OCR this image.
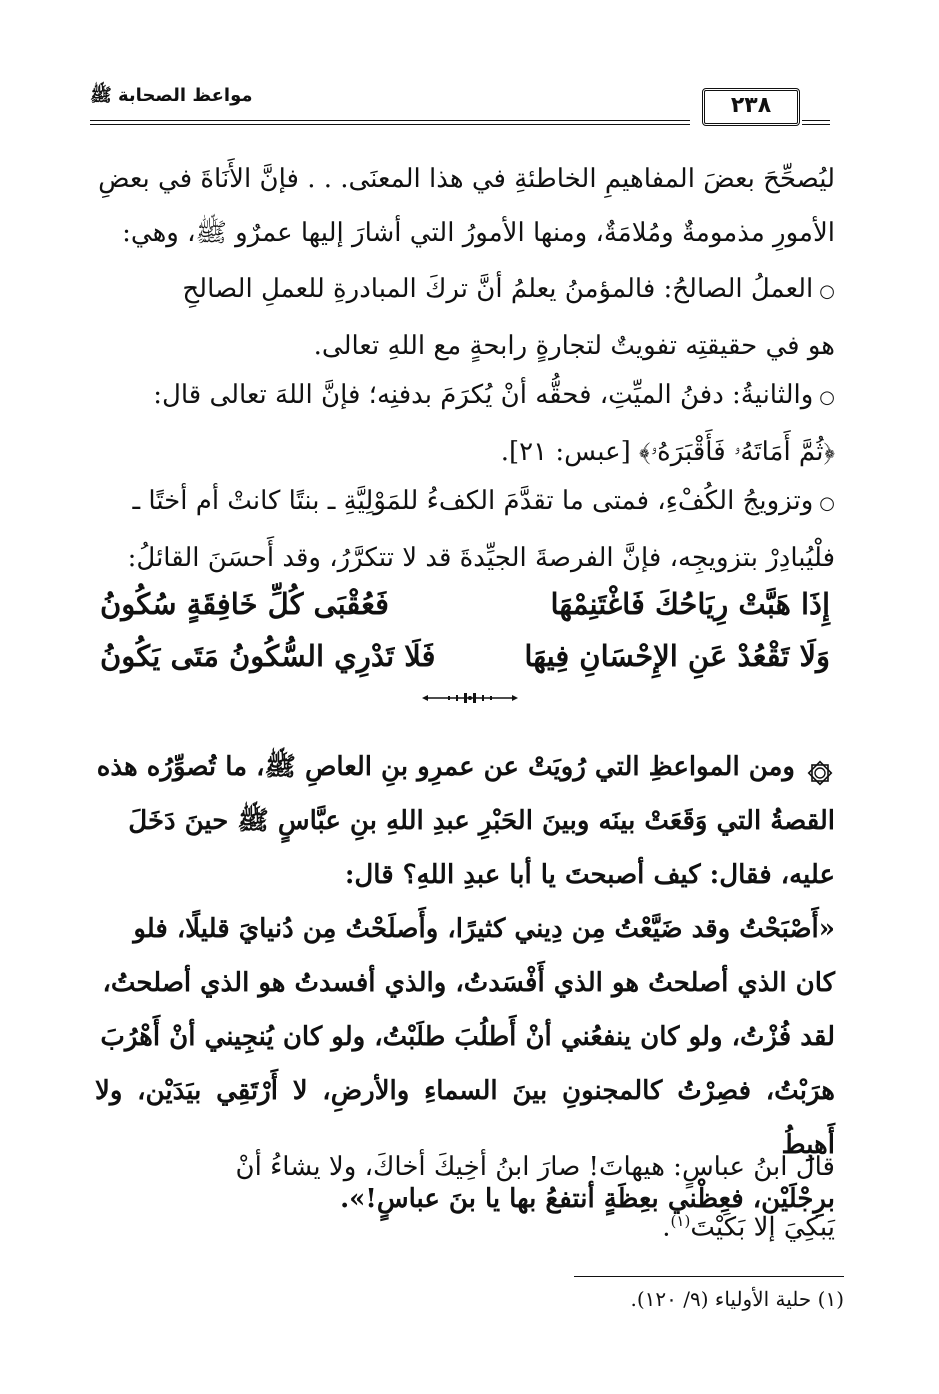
٢٣٨
مواعظ الصحابة ﷺ

ليُصحِّحَ بعضَ المفاهيمِ الخاطئةِ في هذا المعنَى. . . فإنَّ الأَنَاةَ في بعضِ

الأمورِ مذمومةٌ ومُلامَةٌ، ومنها الأمورُ التي أشارَ إليها عمرٌو ﷺ، وهي:

○العملُ الصالحُ: فالمؤمنُ يعلمُ أنَّ تركَ المبادرةِ للعملِ الصالحِ

هو في حقيقتِه تفويتٌ لتجارةٍ رابحةٍ مع اللهِ تعالى.

○والثانيةُ: دفنُ الميِّتِ، فحقُّه أنْ يُكرَمَ بدفنِه؛ فإنَّ اللهَ تعالى قال:

﴿ثُمَّ أَمَاتَهُۥ فَأَقْبَرَهُۥ﴾ [عبس: ٢١].

○وتزويجُ الكُفْءِ، فمتى ما تقدَّمَ الكفءُ للمَوْلِيَّةِ ـ بنتًا كانتْ أم أختًا ـ

فلْيُبادِرْ بتزويجِه، فإنَّ الفرصةَ الجيِّدةَ قد لا تتكرَّرُ، وقد أَحسَنَ القائلُ:

إِذَا هَبَّتْ رِيَاحُكَ فَاغْتَنِمْهَا
فَعُقْبَى كُلِّ خَافِقَةٍ سُكُونُ
وَلَا تَقْعُدْ عَنِ الإِحْسَانِ فِيهَا
فَلَا تَدْرِي السُّكُونُ مَتَى يَكُونُ

ومن المواعظِ التي رُويَتْ عن عمرِو بنِ العاصِ ﷺ، ما تُصوِّرُه هذه

القصةُ التي وَقَعَتْ بينَه وبينَ الحَبْرِ عبدِ اللهِ بنِ عبَّاسٍ ﷺ حينَ دَخَلَ

عليه، فقال: كيف أصبحتَ يا أبا عبدِ اللهِ؟ قال:

«أَصْبَحْتُ وقد ضَيَّعْتُ مِن دِيني كثيرًا، وأَصلَحْتُ مِن دُنيايَ قليلًا، فلو

كان الذي أصلحتُ هو الذي أَفْسَدتُ، والذي أفسدتُ هو الذي أصلحتُ،

لقد فُزْتُ، ولو كان ينفعُني أنْ أَطلُبَ طلَبْتُ، ولو كان يُنجِيني أنْ أَهْرُبَ

هرَبْتُ، فصِرْتُ كالمجنونِ بينَ السماءِ والأرضِ، لا أَرْتَقِي بيَدَيْن، ولا أَهبِطُ

برِجْلَيْن، فعِظْني بعِظَةٍ أنتفعُ بها يا بنَ عباسٍ!».

قال ابنُ عباسٍ: هيهاتَ! صارَ ابنُ أخِيكَ أخاكَ، ولا يشاءُ أنْ

يَبكِيَ إلا بَكَيْتَ$^{(١)}$.

(١) حلية الأولياء (٩/ ١٢٠).
